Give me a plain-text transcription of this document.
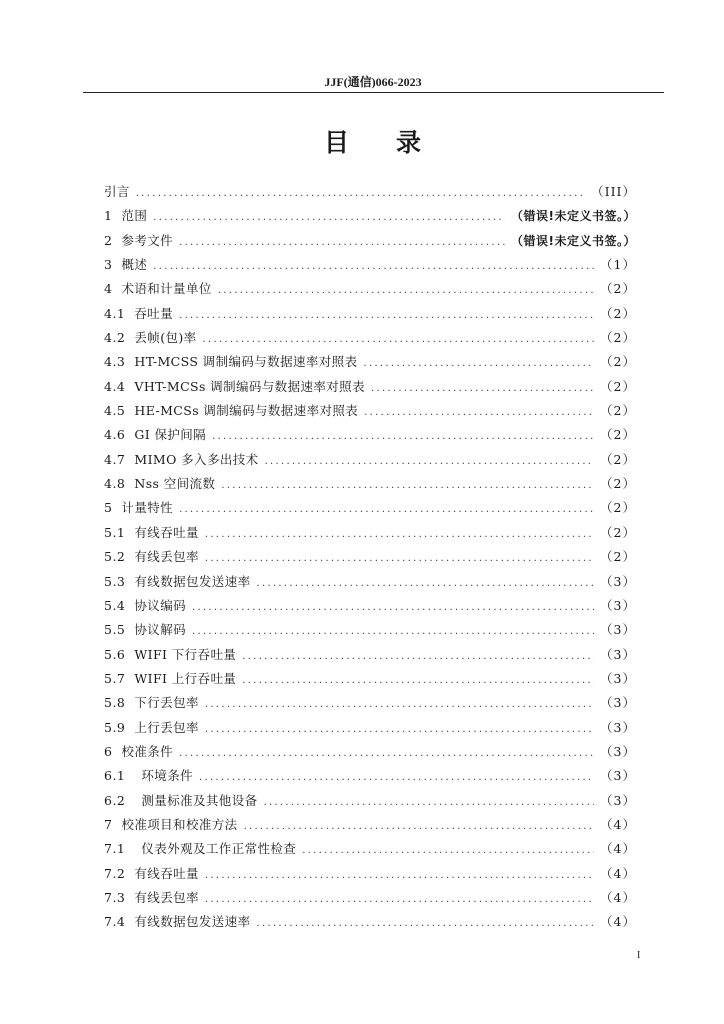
JJF(通信)066-2023
目 录
引言 .....	（III）
1 范围 .....	（错误!未定义书签。）
2 参考文件 .....	（错误!未定义书签。）
3 概述 .....	（1）
4 术语和计量单位 .....	（2）
4.1 吞吐量 .....	（2）
4.2 丢帧(包)率 .....	（2）
4.3 HT-MCSS 调制编码与数据速率对照表 .....	（2）
4.4 VHT-MCSs 调制编码与数据速率对照表 .....	（2）
4.5 HE-MCSs 调制编码与数据速率对照表 .....	（2）
4.6 GI 保护间隔 .....	（2）
4.7 MIMO 多入多出技术 .....	（2）
4.8 Nss 空间流数 .....	（2）
5 计量特性 .....	（2）
5.1 有线吞吐量 .....	（2）
5.2 有线丢包率 .....	（2）
5.3 有线数据包发送速率 .....	（3）
5.4 协议编码 .....	（3）
5.5 协议解码 .....	（3）
5.6 WIFI 下行吞吐量 .....	（3）
5.7 WIFI 上行吞吐量 .....	（3）
5.8 下行丢包率 .....	（3）
5.9 上行丢包率 .....	（3）
6 校准条件 .....	（3）
6.1	环境条件 .....	（3）
6.2	测量标准及其他设备 .....	（3）
7 校准项目和校准方法 .....	（4）
7.1	仪表外观及工作正常性检查 .....	（4）
7.2 有线吞吐量 .....	（4）
7.3 有线丢包率 .....	（4）
7.4 有线数据包发送速率 .....	（4）
I
